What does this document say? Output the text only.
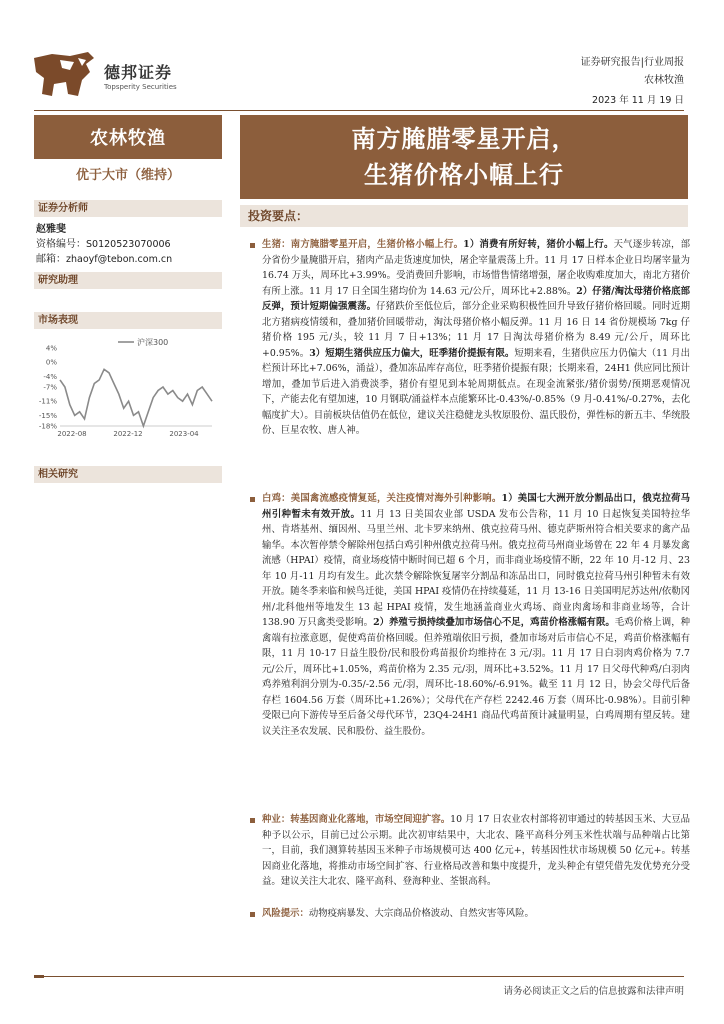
德邦证券
Topsperity Securities
证券研究报告|行业周报
农林牧渔
2023 年 11 月 19 日
农林牧渔
优于大市（维持）
证券分析师
赵雅斐
资格编号：S0120523070006
邮箱：zhaoyf@tebon.com.cn
研究助理
市场表现
4%
0%
-4%
-7%
-11%
-15%
-18%
2022-08	2022-12	2023-04
沪深300
相关研究
南方腌腊零星开启，
生猪价格小幅上行
投资要点：
生猪：南方腌腊零星开启，生猪价格小幅上行。1）消费有所好转，猪价小幅上行。天气逐步转凉，部分省份少量腌腊开启，猪肉产品走货速度加快，屠企宰量震荡上升。11 月 17 日样本企业日均屠宰量为 16.74 万头，周环比+3.99%。受消费回升影响，市场惜售情绪增强，屠企收购难度加大，南北方猪价有所上涨。11 月 17 日全国生猪均价为 14.63 元/公斤，周环比+2.88%。2）仔猪/淘汰母猪价格底部反弹，预计短期偏强震荡。仔猪跌价至低位后，部分企业采购积极性回升导致仔猪价格回暖。同时近期北方猪病疫情缓和，叠加猪价回暖带动，淘汰母猪价格小幅反弹。11 月 16 日 14 省份规模场 7kg 仔猪价格 195 元/头，较 11 月 7 日+13%；11 月 17 日淘汰母猪价格为 8.49 元/公斤，周环比+0.95%。3）短期生猪供应压力偏大，旺季猪价提振有限。短期来看，生猪供应压力仍偏大（11 月出栏预计环比+7.06%，涌益），叠加冻品库存高位，旺季猪价提振有限；长期来看，24H1 供应同比预计增加，叠加节后进入消费淡季，猪价有望见到本轮周期低点。在现金流紧张/猪价弱势/预期恶观情况下，产能去化有望加速，10 月钢联/涌益样本点能繁环比-0.43%/-0.85%（9 月-0.41%/-0.27%，去化幅度扩大）。目前板块估值仍在低位，建议关注稳健龙头牧原股份、温氏股份，弹性标的新五丰、华统股份、巨星农牧、唐人神。
白鸡：美国禽流感疫情复延，关注疫情对海外引种影响。1）美国七大洲开放分割品出口，俄克拉荷马州引种暂未有效开放。11 月 13 日美国农业部 USDA 发布公告称，11 月 10 日起恢复美国特拉华州、肯塔基州、缅因州、马里兰州、北卡罗来纳州、俄克拉荷马州、德克萨斯州符合相关要求的禽产品输华。本次暂停禁令解除州包括白鸡引种州俄克拉荷马州。俄克拉荷马州商业场曾在 22 年 4 月暴发禽流感（HPAI）疫情，商业场疫情中断时间已超 6 个月，而非商业场疫情不断，22 年 10 月-12 月、23 年 10 月-11 月均有发生。此次禁令解除恢复屠宰分割品和冻品出口，同时俄克拉荷马州引种暂未有效开放。随冬季来临和候鸟迁徙，美国 HPAI 疫情仍在持续蔓延，11 月 13-16 日美国明尼苏达州/依勒冈州/北科他州等地发生 13 起 HPAI 疫情，发生地涵盖商业火鸡场、商业肉禽场和非商业场等，合计 138.90 万只禽类受影响。2）养殖亏损持续叠加市场信心不足，鸡苗价格涨幅有限。毛鸡价格上调，种禽端有拉涨意愿，促使鸡苗价格回暖。但养殖端依旧亏损，叠加市场对后市信心不足，鸡苗价格涨幅有限，11 月 10-17 日益生股份/民和股份鸡苗报价均维持在 3 元/羽。11 月 17 日白羽肉鸡价格为 7.7 元/公斤，周环比+1.05%，鸡苗价格为 2.35 元/羽，周环比+3.52%。11 月 17 日父母代种鸡/白羽肉鸡养殖利润分别为-0.35/-2.56 元/羽，周环比-18.60%/-6.91%。截至 11 月 12 日，协会父母代后备存栏 1604.56 万套（周环比+1.26%）；父母代在产存栏 2242.46 万套（周环比-0.98%）。目前引种受限已向下游传导至后备父母代环节，23Q4-24H1 商品代鸡苗预计减量明显，白鸡周期有望反转。建议关注圣农发展、民和股份、益生股份。
种业：转基因商业化落地，市场空间迎扩容。10 月 17 日农业农村部将初审通过的转基因玉米、大豆品种予以公示，目前已过公示期。此次初审结果中，大北农、隆平高科分列玉米性状端与品种端占比第一，目前，我们测算转基因玉米种子市场规模可达 400 亿元+，转基因性状市场规模 50 亿元+。转基因商业化落地，将推动市场空间扩容、行业格局改善和集中度提升，龙头种企有望凭借先发优势充分受益。建议关注大北农、隆平高科、登海种业、荃银高科。
风险提示：动物疫病暴发、大宗商品价格波动、自然灾害等风险。
请务必阅读正文之后的信息披露和法律声明
